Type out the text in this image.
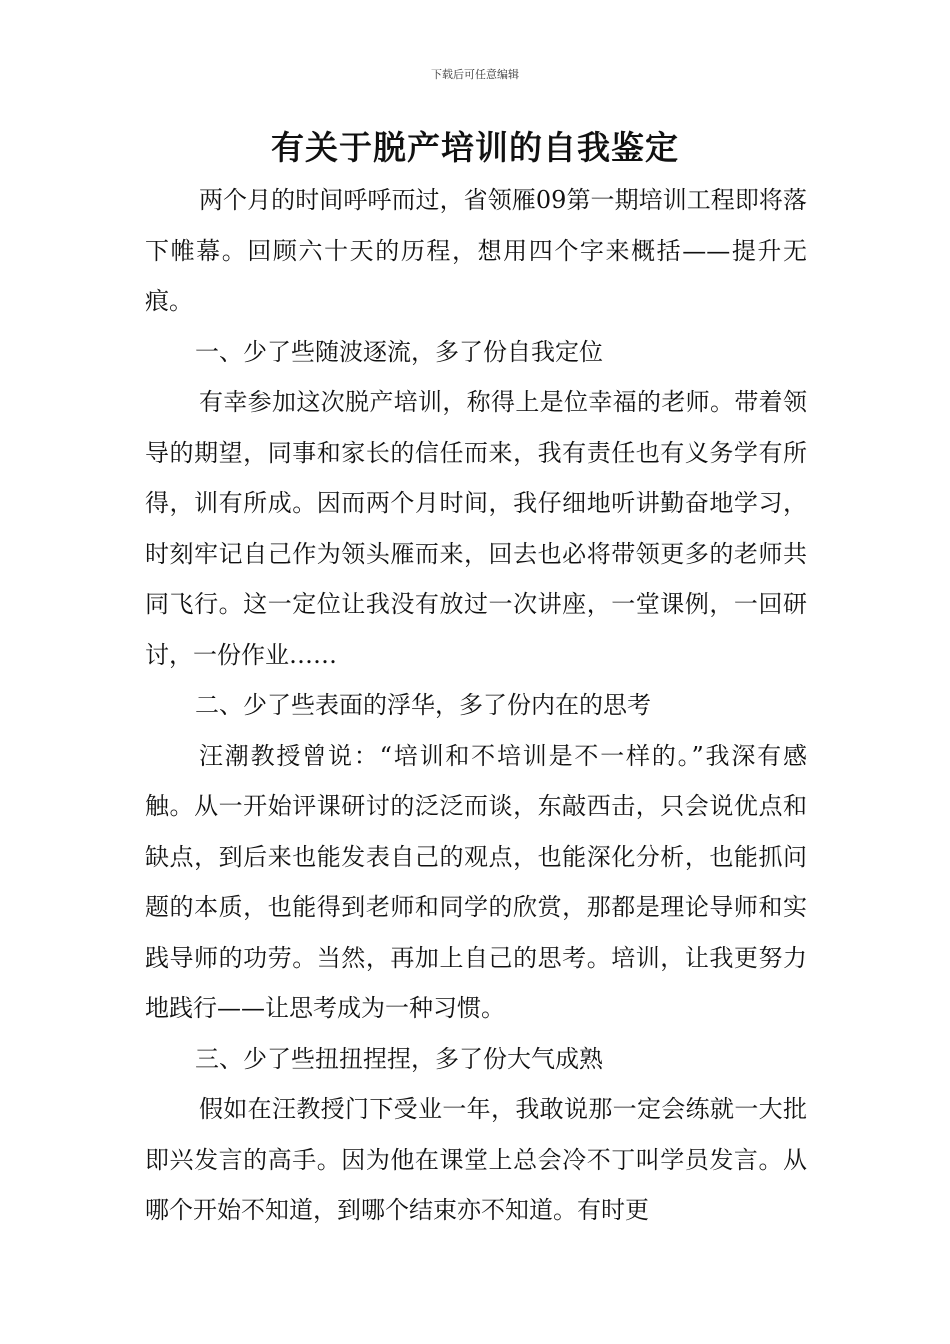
下载后可任意编辑
有关于脱产培训的自我鉴定

两个月的时间呼呼而过，省领雁09第一期培训工程即将落下帷幕。回顾六十天的历程，想用四个字来概括——提升无痕。

一、少了些随波逐流，多了份自我定位

有幸参加这次脱产培训，称得上是位幸福的老师。带着领导的期望，同事和家长的信任而来，我有责任也有义务学有所得，训有所成。因而两个月时间，我仔细地听讲勤奋地学习，时刻牢记自己作为领头雁而来，回去也必将带领更多的老师共同飞行。这一定位让我没有放过一次讲座，一堂课例，一回研讨，一份作业……

二、少了些表面的浮华，多了份内在的思考

汪潮教授曾说：“培训和不培训是不一样的。”我深有感触。从一开始评课研讨的泛泛而谈，东敲西击，只会说优点和缺点，到后来也能发表自己的观点，也能深化分析，也能抓问题的本质，也能得到老师和同学的欣赏，那都是理论导师和实践导师的功劳。当然，再加上自己的思考。培训，让我更努力地践行——让思考成为一种习惯。

三、少了些扭扭捏捏，多了份大气成熟

假如在汪教授门下受业一年，我敢说那一定会练就一大批即兴发言的高手。因为他在课堂上总会冷不丁叫学员发言。从哪个开始不知道，到哪个结束亦不知道。有时更
